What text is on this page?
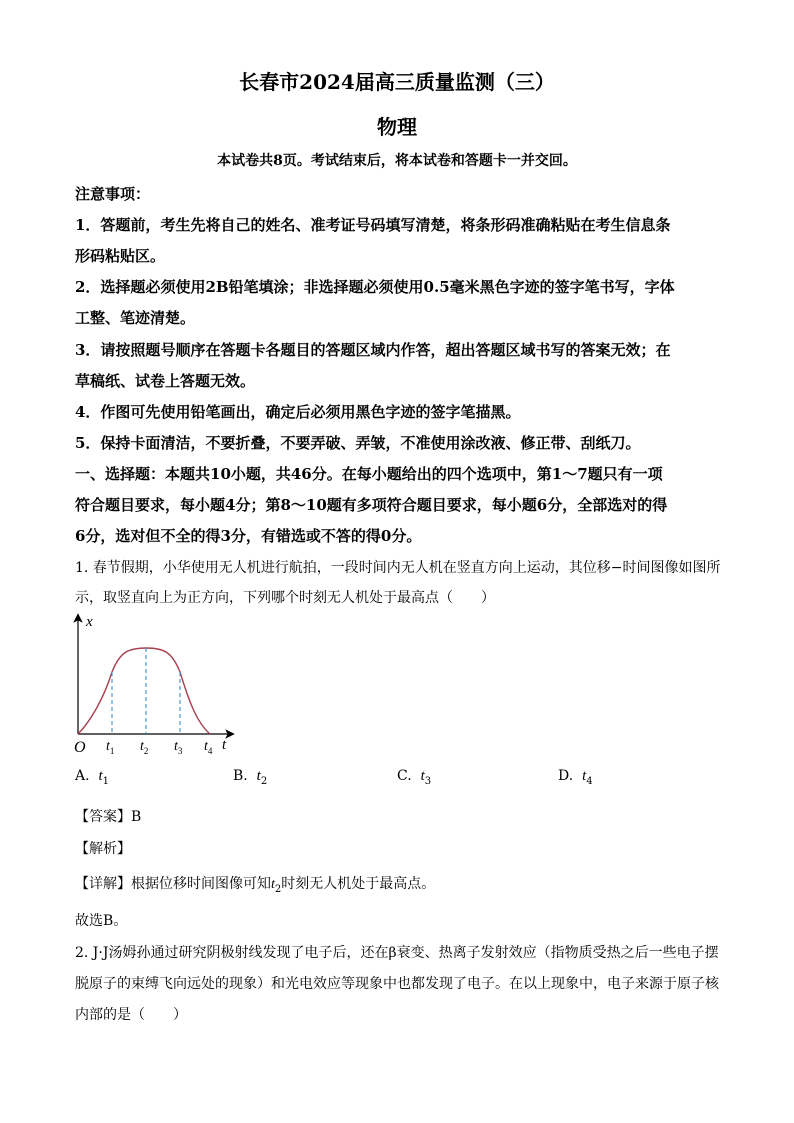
长春市2024届高三质量监测（三）
物理
本试卷共8页。考试结束后，将本试卷和答题卡一并交回。
注意事项：
1．答题前，考生先将自己的姓名、准考证号码填写清楚，将条形码准确粘贴在考生信息条
形码粘贴区。
2．选择题必须使用2B铅笔填涂；非选择题必须使用0.5毫米黑色字迹的签字笔书写，字体
工整、笔迹清楚。
3．请按照题号顺序在答题卡各题目的答题区域内作答，超出答题区域书写的答案无效；在
草稿纸、试卷上答题无效。
4．作图可先使用铅笔画出，确定后必须用黑色字迹的签字笔描黑。
5．保持卡面清洁，不要折叠，不要弄破、弄皱，不准使用涂改液、修正带、刮纸刀。
一、选择题：本题共10小题，共46分。在每小题给出的四个选项中，第1～7题只有一项
符合题目要求，每小题4分；第8～10题有多项符合题目要求，每小题6分，全部选对的得
6分，选对但不全的得3分，有错选或不答的得0分。
1. 春节假期，小华使用无人机进行航拍，一段时间内无人机在竖直方向上运动，其位移−时间图像如图所
示，取竖直向上为正方向，下列哪个时刻无人机处于最高点（　　）
x
t
O $t_1$ $t_2$ $t_3$ $t_4$
A. $t_1$	B. $t_2$	C. $t_3$	D. $t_4$
【答案】B
【解析】
【详解】根据位移时间图像可知$t_2$时刻无人机处于最高点。
故选B。
2. J·J汤姆孙通过研究阴极射线发现了电子后，还在β衰变、热离子发射效应（指物质受热之后一些电子摆
脱原子的束缚飞向远处的现象）和光电效应等现象中也都发现了电子。在以上现象中，电子来源于原子核
内部的是（　　）
